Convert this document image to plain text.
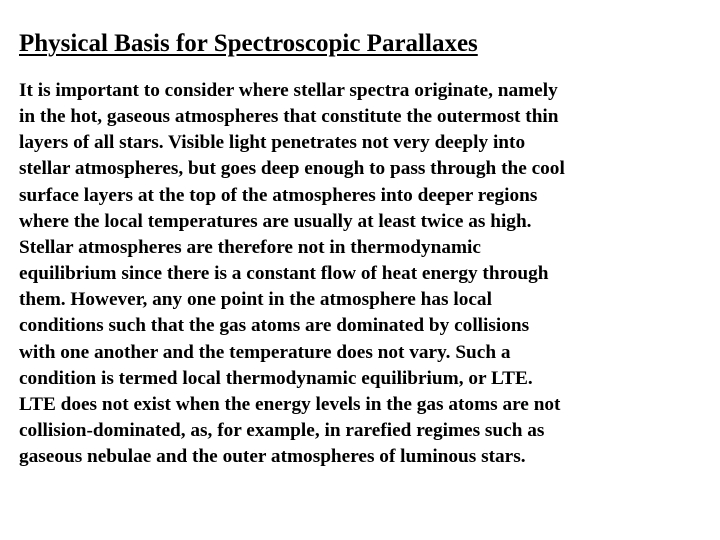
Physical Basis for Spectroscopic Parallaxes
It is important to consider where stellar spectra originate, namely
in the hot, gaseous atmospheres that constitute the outermost thin
layers of all stars. Visible light penetrates not very deeply into
stellar atmospheres, but goes deep enough to pass through the cool
surface layers at the top of the atmospheres into deeper regions
where the local temperatures are usually at least twice as high.
Stellar atmospheres are therefore not in thermodynamic
equilibrium since there is a constant flow of heat energy through
them. However, any one point in the atmosphere has local
conditions such that the gas atoms are dominated by collisions
with one another and the temperature does not vary. Such a
condition is termed local thermodynamic equilibrium, or LTE.
LTE does not exist when the energy levels in the gas atoms are not
collision-dominated, as, for example, in rarefied regimes such as
gaseous nebulae and the outer atmospheres of luminous stars.
